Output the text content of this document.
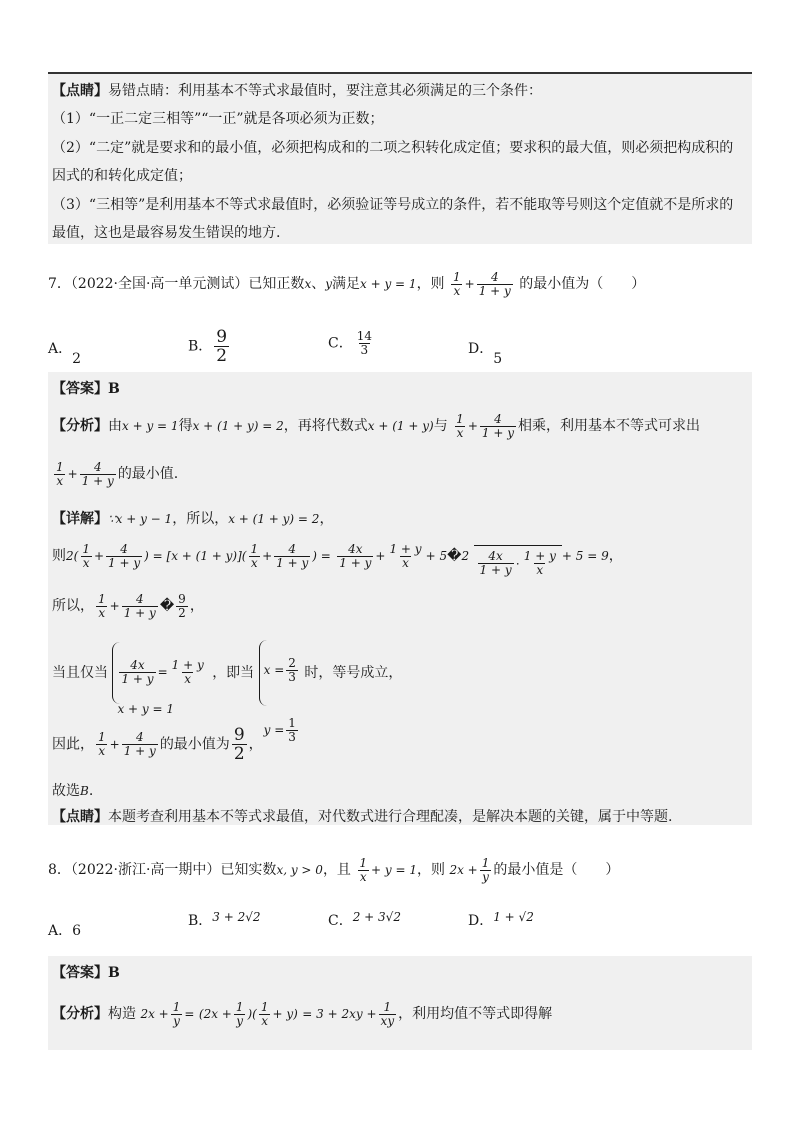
【点睛】易错点睛：利用基本不等式求最值时，要注意其必须满足的三个条件：
（1）“一正二定三相等”“一正”就是各项必须为正数；
（2）“二定”就是要求和的最小值，必须把构成和的二项之积转化成定值；要求积的最大值，则必须把构成积的
因式的和转化成定值；
（3）“三相等”是利用基本不等式求最值时，必须验证等号成立的条件，若不能取等号则这个定值就不是所求的
最值，这也是最容易发生错误的地方.
7．（2022·全国·高一单元测试）已知正数x、y满足x + y = 1，则 $\frac{1}{x} + \frac{4}{1 + y}$ 的最小值为（　　）
A．2
B． $\frac{9}{2}$	C． $\frac{14}{3}$	D．5
【答案】B
【分析】由x + y = 1得x + (1 + y) = 2，再将代数式x + (1 + y)与 $\frac{1}{x} + \frac{4}{1 + y}$ 相乘，利用基本不等式可求出
$\frac{1}{x} + \frac{4}{1 + y}$ 的最小值.
【详解】∵x + y − 1，所以，x + (1 + y) = 2，
则$2( \frac{1}{x} + \frac{4}{1 + y}$ ) = $[x + (1 + y)]( \frac{1}{x} + \frac{4}{1 + y}$ ) = $\frac{4x}{1 + y} + \frac{1 + y}{x}$ + 5�2 $\frac{4x}{1 + y} \cdot \frac{1 + y}{x} + 5 = 9$，
所以， $\frac{1}{x} + \frac{4}{1 + y}$ � $\frac{9}{2}$ ，
当且仅当 $\frac{4x}{1 + y} = \frac{1 + y}{x}$
x + y = 1
，即当 $x = \frac{2}{3}$
$y = \frac{1}{3}$
时，等号成立，
因此， $\frac{1}{x} + \frac{4}{1 + y}$ 的最小值为 $\frac{9}{2}$ ，
故选B.
【点睛】本题考查利用基本不等式求最值，对代数式进行合理配凑，是解决本题的关键，属于中等题.
8．（2022·浙江·高一期中）已知实数x, y > 0，且 $\frac{1}{x} + y = 1$，则 $2x + \frac{1}{y}$ 的最小值是（　　）
A．6
B．3 + 2√2	C．2 + 3√2	D．1 + √2
【答案】B
【分析】构造 $2x + \frac{1}{y} = (2x + \frac{1}{y}$ )( $\frac{1}{x} + y) = 3 + 2xy + \frac{1}{xy}$ ，利用均值不等式即得解
